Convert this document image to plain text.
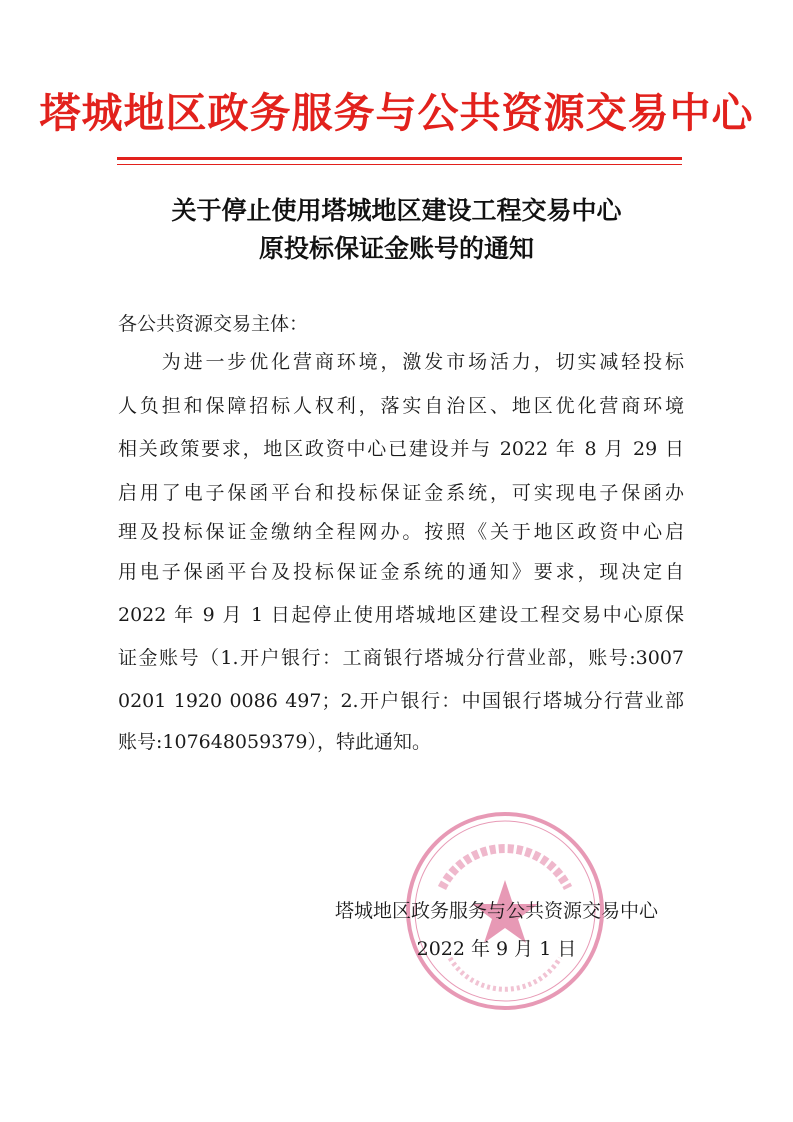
塔城地区政务服务与公共资源交易中心
关于停止使用塔城地区建设工程交易中心
原投标保证金账号的通知
各公共资源交易主体：
　　为进一步优化营商环境，激发市场活力，切实减轻投标
人负担和保障招标人权利，落实自治区、地区优化营商环境
相关政策要求，地区政资中心已建设并与 2022 年 8 月 29 日
启用了电子保函平台和投标保证金系统，可实现电子保函办
理及投标保证金缴纳全程网办。按照《关于地区政资中心启
用电子保函平台及投标保证金系统的通知》要求，现决定自
2022 年 9 月 1 日起停止使用塔城地区建设工程交易中心原保
证金账号（1.开户银行：工商银行塔城分行营业部，账号:3007
0201 1920 0086 497；2.开户银行：中国银行塔城分行营业部
账号:107648059379），特此通知。
塔城地区政务服务与公共资源交易中心
2022 年 9 月 1 日
